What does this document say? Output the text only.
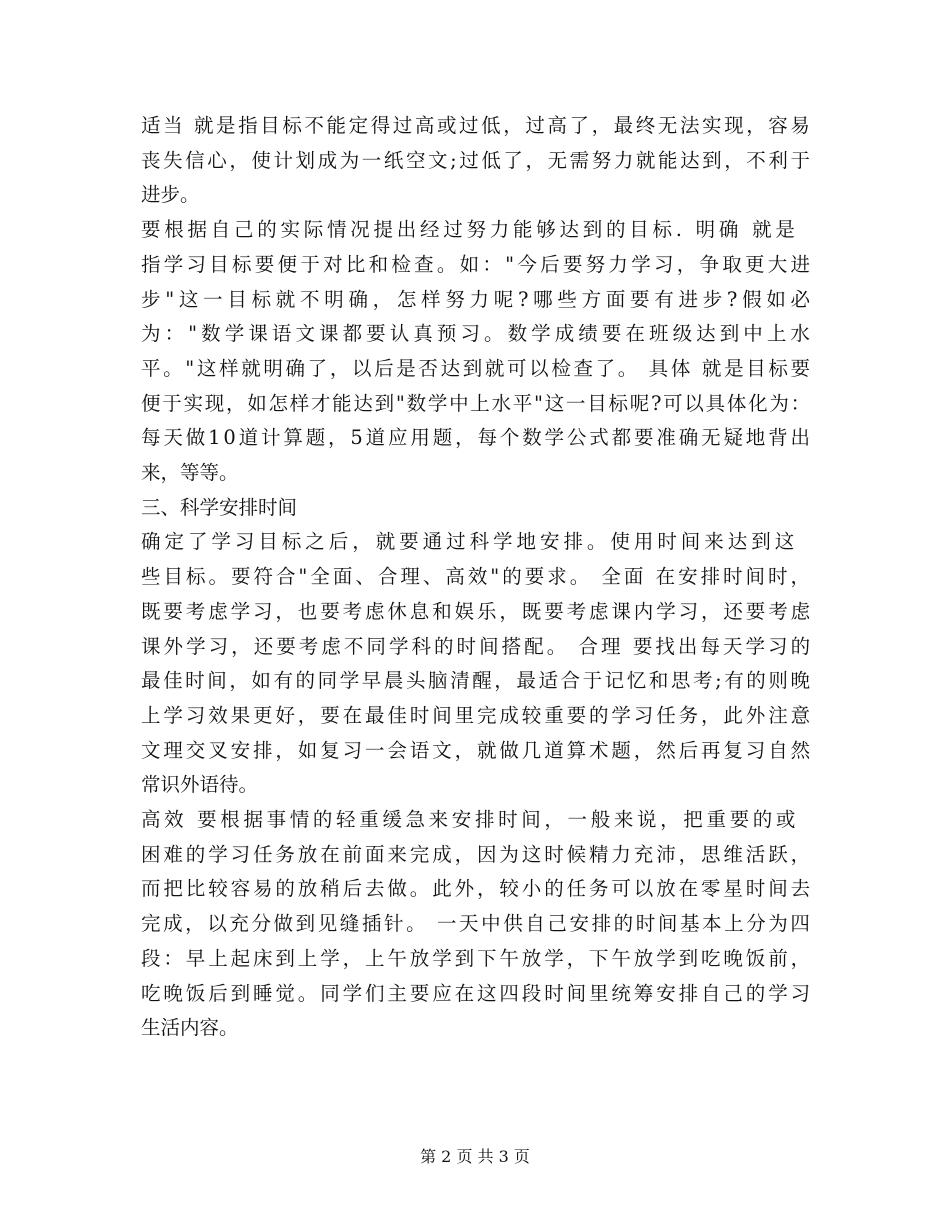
适当 就是指目标不能定得过高或过低，过高了，最终无法实现，容易
丧失信心，使计划成为一纸空文;过低了，无需努力就能达到，不利于
进步。
要根据自己的实际情况提出经过努力能够达到的目标. 明确 就是
指学习目标要便于对比和检查。如："今后要努力学习，争取更大进
步"这一目标就不明确，怎样努力呢?哪些方面要有进步?假如必
为："数学课语文课都要认真预习。数学成绩要在班级达到中上水
平。"这样就明确了，以后是否达到就可以检查了。 具体 就是目标要
便于实现，如怎样才能达到"数学中上水平"这一目标呢?可以具体化为：
每天做10道计算题，5道应用题，每个数学公式都要准确无疑地背出
来，等等。
三、科学安排时间
确定了学习目标之后，就要通过科学地安排。使用时间来达到这
些目标。要符合"全面、合理、高效"的要求。 全面 在安排时间时，
既要考虑学习，也要考虑休息和娱乐，既要考虑课内学习，还要考虑
课外学习，还要考虑不同学科的时间搭配。 合理 要找出每天学习的
最佳时间，如有的同学早晨头脑清醒，最适合于记忆和思考;有的则晚
上学习效果更好，要在最佳时间里完成较重要的学习任务，此外注意
文理交叉安排，如复习一会语文，就做几道算术题，然后再复习自然
常识外语待。
高效 要根据事情的轻重缓急来安排时间，一般来说，把重要的或
困难的学习任务放在前面来完成，因为这时候精力充沛，思维活跃，
而把比较容易的放稍后去做。此外，较小的任务可以放在零星时间去
完成，以充分做到见缝插针。 一天中供自己安排的时间基本上分为四
段：早上起床到上学，上午放学到下午放学，下午放学到吃晚饭前，
吃晚饭后到睡觉。同学们主要应在这四段时间里统筹安排自己的学习
生活内容。
第 2 页 共 3 页
